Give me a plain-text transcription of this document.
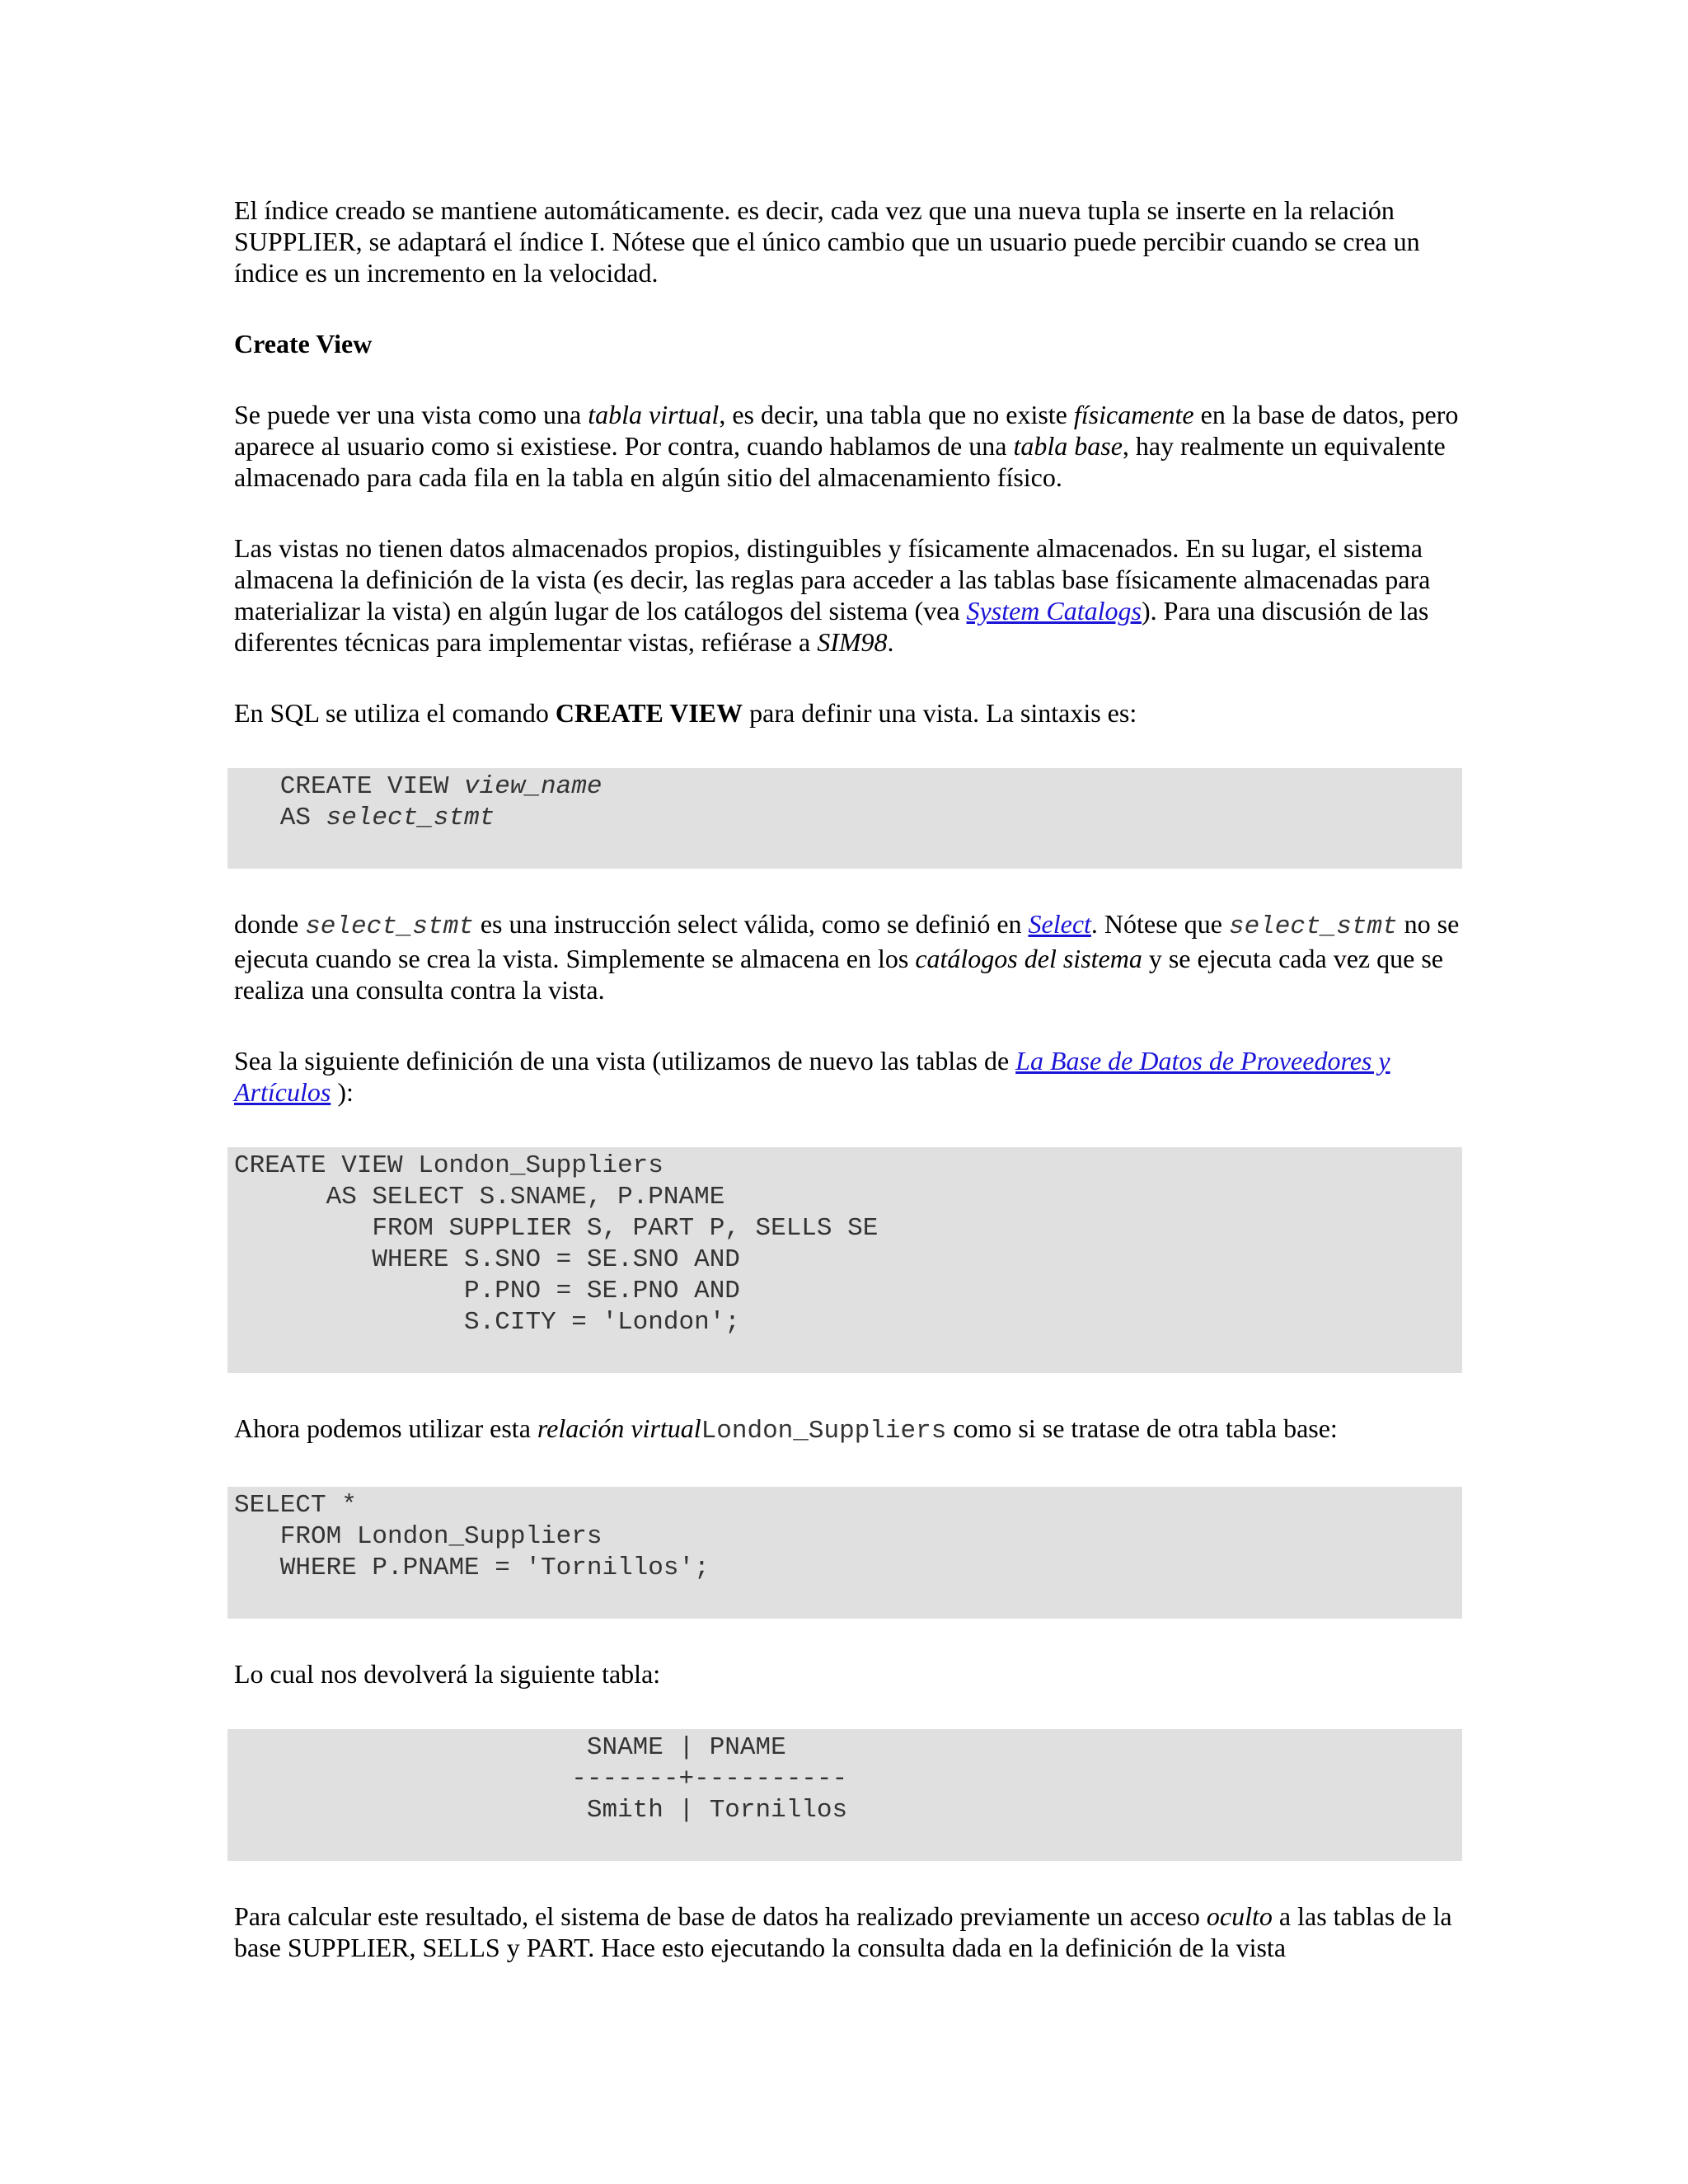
El índice creado se mantiene automáticamente. es decir, cada vez que una nueva tupla se inserte en la relación SUPPLIER, se adaptará el índice I. Nótese que el único cambio que un usuario puede percibir cuando se crea un índice es un incremento en la velocidad.

Create View

Se puede ver una vista como una tabla virtual, es decir, una tabla que no existe físicamente en la base de datos, pero aparece al usuario como si existiese. Por contra, cuando hablamos de una tabla base, hay realmente un equivalente almacenado para cada fila en la tabla en algún sitio del almacenamiento físico.

Las vistas no tienen datos almacenados propios, distinguibles y físicamente almacenados. En su lugar, el sistema almacena la definición de la vista (es decir, las reglas para acceder a las tablas base físicamente almacenadas para materializar la vista) en algún lugar de los catálogos del sistema (vea System Catalogs). Para una discusión de las diferentes técnicas para implementar vistas, refiérase a SIM98.

En SQL se utiliza el comando CREATE VIEW para definir una vista. La sintaxis es:

CREATE VIEW view_name
AS select_stmt

donde select_stmt es una instrucción select válida, como se definió en Select. Nótese que select_stmt no se ejecuta cuando se crea la vista. Simplemente se almacena en los catálogos del sistema y se ejecuta cada vez que se realiza una consulta contra la vista.

Sea la siguiente definición de una vista (utilizamos de nuevo las tablas de La Base de Datos de Proveedores y Artículos ):

CREATE VIEW London_Suppliers
AS SELECT S.SNAME, P.PNAME
FROM SUPPLIER S, PART P, SELLS SE
WHERE S.SNO = SE.SNO AND
P.PNO = SE.PNO AND
S.CITY = 'London';

Ahora podemos utilizar esta relación virtualLondon_Suppliers como si se tratase de otra tabla base:

SELECT *
FROM London_Suppliers
WHERE P.PNAME = 'Tornillos';

Lo cual nos devolverá la siguiente tabla:

SNAME | PNAME
-------+----------
Smith | Tornillos

Para calcular este resultado, el sistema de base de datos ha realizado previamente un acceso oculto a las tablas de la base SUPPLIER, SELLS y PART. Hace esto ejecutando la consulta dada en la definición de la vista
